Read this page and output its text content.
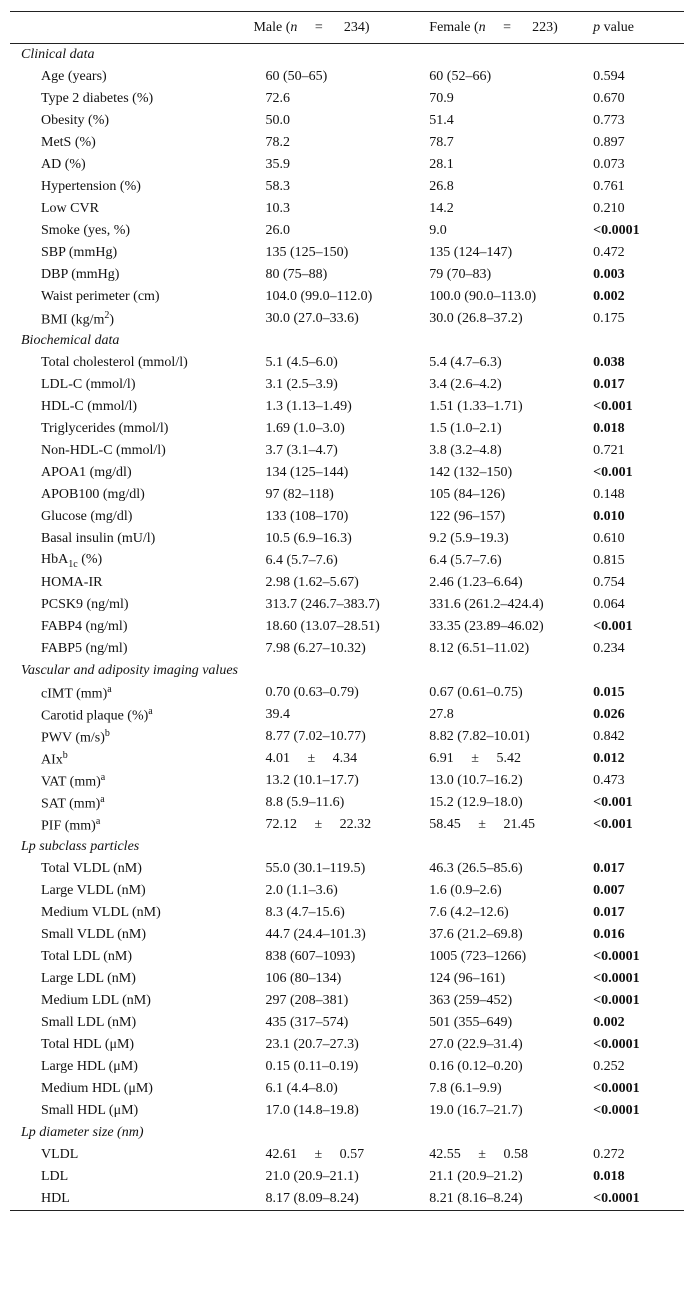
	Male (n = 234)	Female (n = 223)	p value
Clinical data			
Age (years)	60 (50–65)	60 (52–66)	0.594
Type 2 diabetes (%)	72.6	70.9	0.670
Obesity (%)	50.0	51.4	0.773
MetS (%)	78.2	78.7	0.897
AD (%)	35.9	28.1	0.073
Hypertension (%)	58.3	26.8	0.761
Low CVR	10.3	14.2	0.210
Smoke (yes, %)	26.0	9.0	<0.0001
SBP (mmHg)	135 (125–150)	135 (124–147)	0.472
DBP (mmHg)	80 (75–88)	79 (70–83)	0.003
Waist perimeter (cm)	104.0 (99.0–112.0)	100.0 (90.0–113.0)	0.002
BMI $(kg/m^2)$	30.0 (27.0–33.6)	30.0 (26.8–37.2)	0.175
Biochemical data			
Total cholesterol (mmol/l)	5.1 (4.5–6.0)	5.4 (4.7–6.3)	0.038
LDL-C (mmol/l)	3.1 (2.5–3.9)	3.4 (2.6–4.2)	0.017
HDL-C (mmol/l)	1.3 (1.13–1.49)	1.51 (1.33–1.71)	<0.001
Triglycerides (mmol/l)	1.69 (1.0–3.0)	1.5 (1.0–2.1)	0.018
Non-HDL-C (mmol/l)	3.7 (3.1–4.7)	3.8 (3.2–4.8)	0.721
APOA1 (mg/dl)	134 (125–144)	142 (132–150)	<0.001
APOB100 (mg/dl)	97 (82–118)	105 (84–126)	0.148
Glucose (mg/dl)	133 (108–170)	122 (96–157)	0.010
Basal insulin (mU/l)	10.5 (6.9–16.3)	9.2 (5.9–19.3)	0.610
HbA$_{1c}$ (%)	6.4 (5.7–7.6)	6.4 (5.7–7.6)	0.815
HOMA-IR	2.98 (1.62–5.67)	2.46 (1.23–6.64)	0.754
PCSK9 (ng/ml)	313.7 (246.7–383.7)	331.6 (261.2–424.4)	0.064
FABP4 (ng/ml)	18.60 (13.07–28.51)	33.35 (23.89–46.02)	<0.001
FABP5 (ng/ml)	7.98 (6.27–10.32)	8.12 (6.51–11.02)	0.234
Vascular and adiposity imaging values			
cIMT (mm)$^a$	0.70 (0.63–0.79)	0.67 (0.61–0.75)	0.015
Carotid plaque (%)$^a$	39.4	27.8	0.026
PWV $(m/s)^b$	8.77 (7.02–10.77)	8.82 (7.82–10.01)	0.842
AIx$^b$	4.01     ±     4.34	6.91     ±     5.42	0.012
VAT (mm)$^a$	13.2 (10.1–17.7)	13.0 (10.7–16.2)	0.473
SAT (mm)$^a$	8.8 (5.9–11.6)	15.2 (12.9–18.0)	<0.001
PIF (mm)$^a$	72.12     ±     22.32	58.45     ±     21.45	<0.001
Lp subclass particles			
Total VLDL (nM)	55.0 (30.1–119.5)	46.3 (26.5–85.6)	0.017
Large VLDL (nM)	2.0 (1.1–3.6)	1.6 (0.9–2.6)	0.007
Medium VLDL (nM)	8.3 (4.7–15.6)	7.6 (4.2–12.6)	0.017
Small VLDL (nM)	44.7 (24.4–101.3)	37.6 (21.2–69.8)	0.016
Total LDL (nM)	838 (607–1093)	1005 (723–1266)	<0.0001
Large LDL (nM)	106 (80–134)	124 (96–161)	<0.0001
Medium LDL (nM)	297 (208–381)	363 (259–452)	<0.0001
Small LDL (nM)	435 (317–574)	501 (355–649)	0.002
Total HDL (μM)	23.1 (20.7–27.3)	27.0 (22.9–31.4)	<0.0001
Large HDL (μM)	0.15 (0.11–0.19)	0.16 (0.12–0.20)	0.252
Medium HDL (μM)	6.1 (4.4–8.0)	7.8 (6.1–9.9)	<0.0001
Small HDL (μM)	17.0 (14.8–19.8)	19.0 (16.7–21.7)	<0.0001
Lp diameter size (nm)			
VLDL	42.61     ±     0.57	42.55     ±     0.58	0.272
LDL	21.0 (20.9–21.1)	21.1 (20.9–21.2)	0.018
HDL	8.17 (8.09–8.24)	8.21 (8.16–8.24)	<0.0001
